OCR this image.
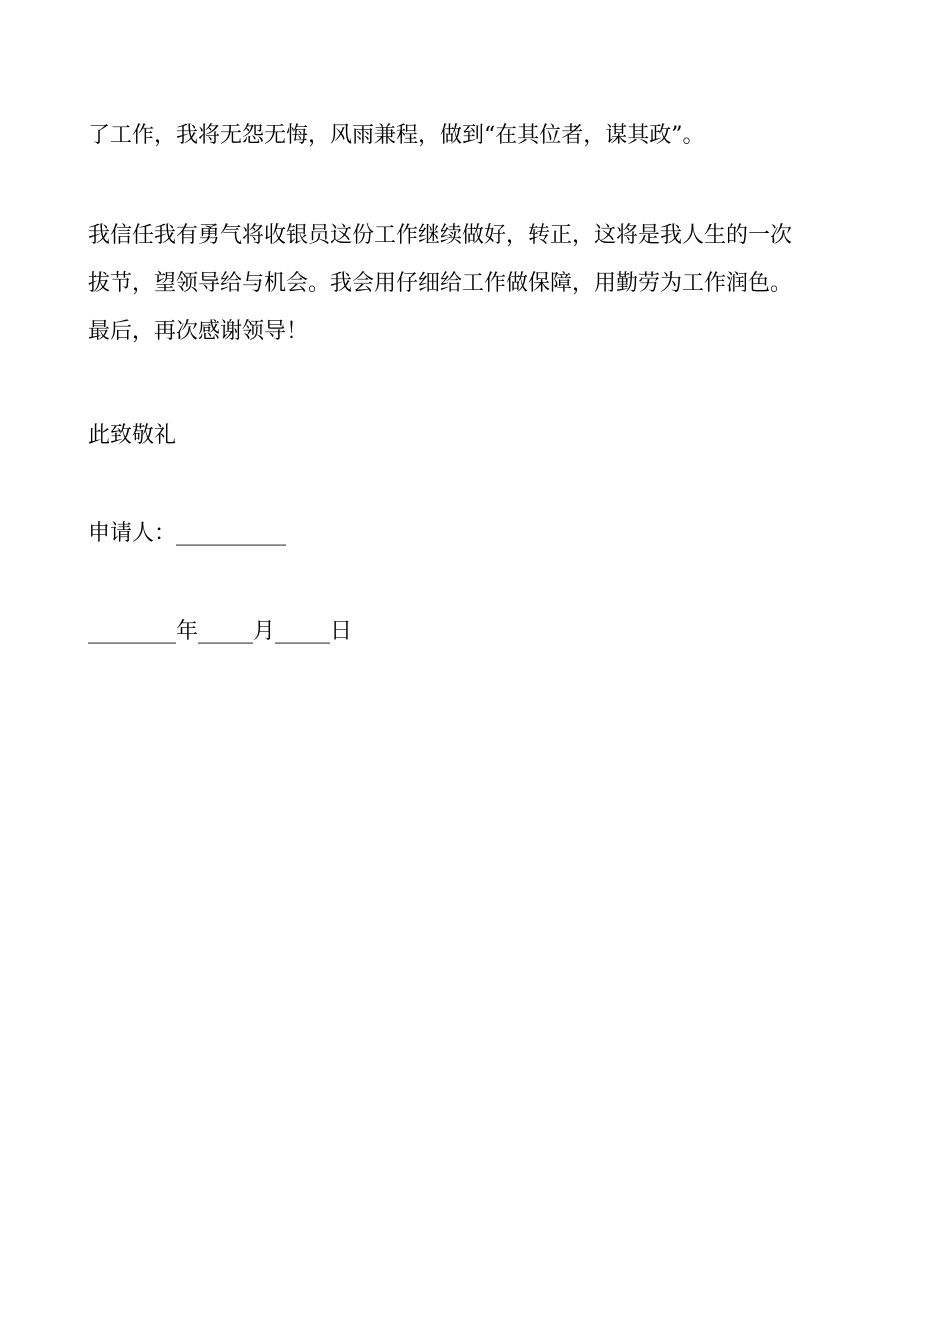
了工作，我将无怨无悔，风雨兼程，做到“在其位者，谋其政”。

我信任我有勇气将收银员这份工作继续做好，转正，这将是我人生的一次
拔节，望领导给与机会。我会用仔细给工作做保障，用勤劳为工作润色。
最后，再次感谢领导！

此致敬礼

申请人：__________

________年_____月_____日
